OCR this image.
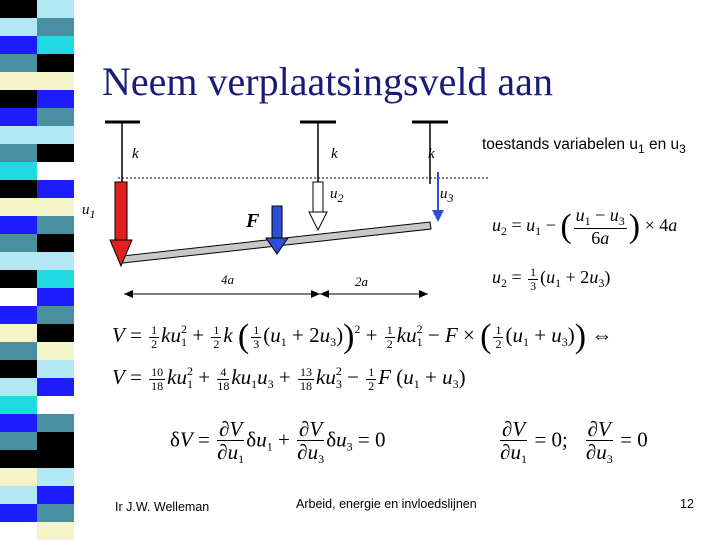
Neem verplaatsingsveld aan
k	k	k
$u_1$
$u_2$	$u_3$
F
4a	2a
toestands variabelen $u_1$ en $u_3$
$u_2 = u_1$ − ( $\frac{u_1 - u_3}{6a}$ ) × 4a
$u_2 = \frac{1}{3} (u_1 + 2u_3)$
$V = \frac{1}{2} ku_1^2 + \frac{1}{2}$ k ( $\frac{1}{3} (u_1 + 2u_3))^2 + \frac{1}{2} ku_1^2 - F$ × ( $\frac{1}{2} (u_1 + u_3)$) ⇔
$V = \frac{10}{18} ku_1^2 + \frac{4}{18} ku_1u_3 + \frac{13}{18} ku_3^2 - \frac{1}{2}$ F $(u_1 + u_3)$
$\delta V = \frac{\partial V}{\partial u_1} \delta u_1 + \frac{\partial V}{\partial u_3} \delta u_3 = 0$	$\frac{\partial V}{\partial u_1} = 0$; $\frac{\partial V}{\partial u_3} = 0$
Ir J.W. Welleman	Arbeid, energie en invloedslijnen	12
